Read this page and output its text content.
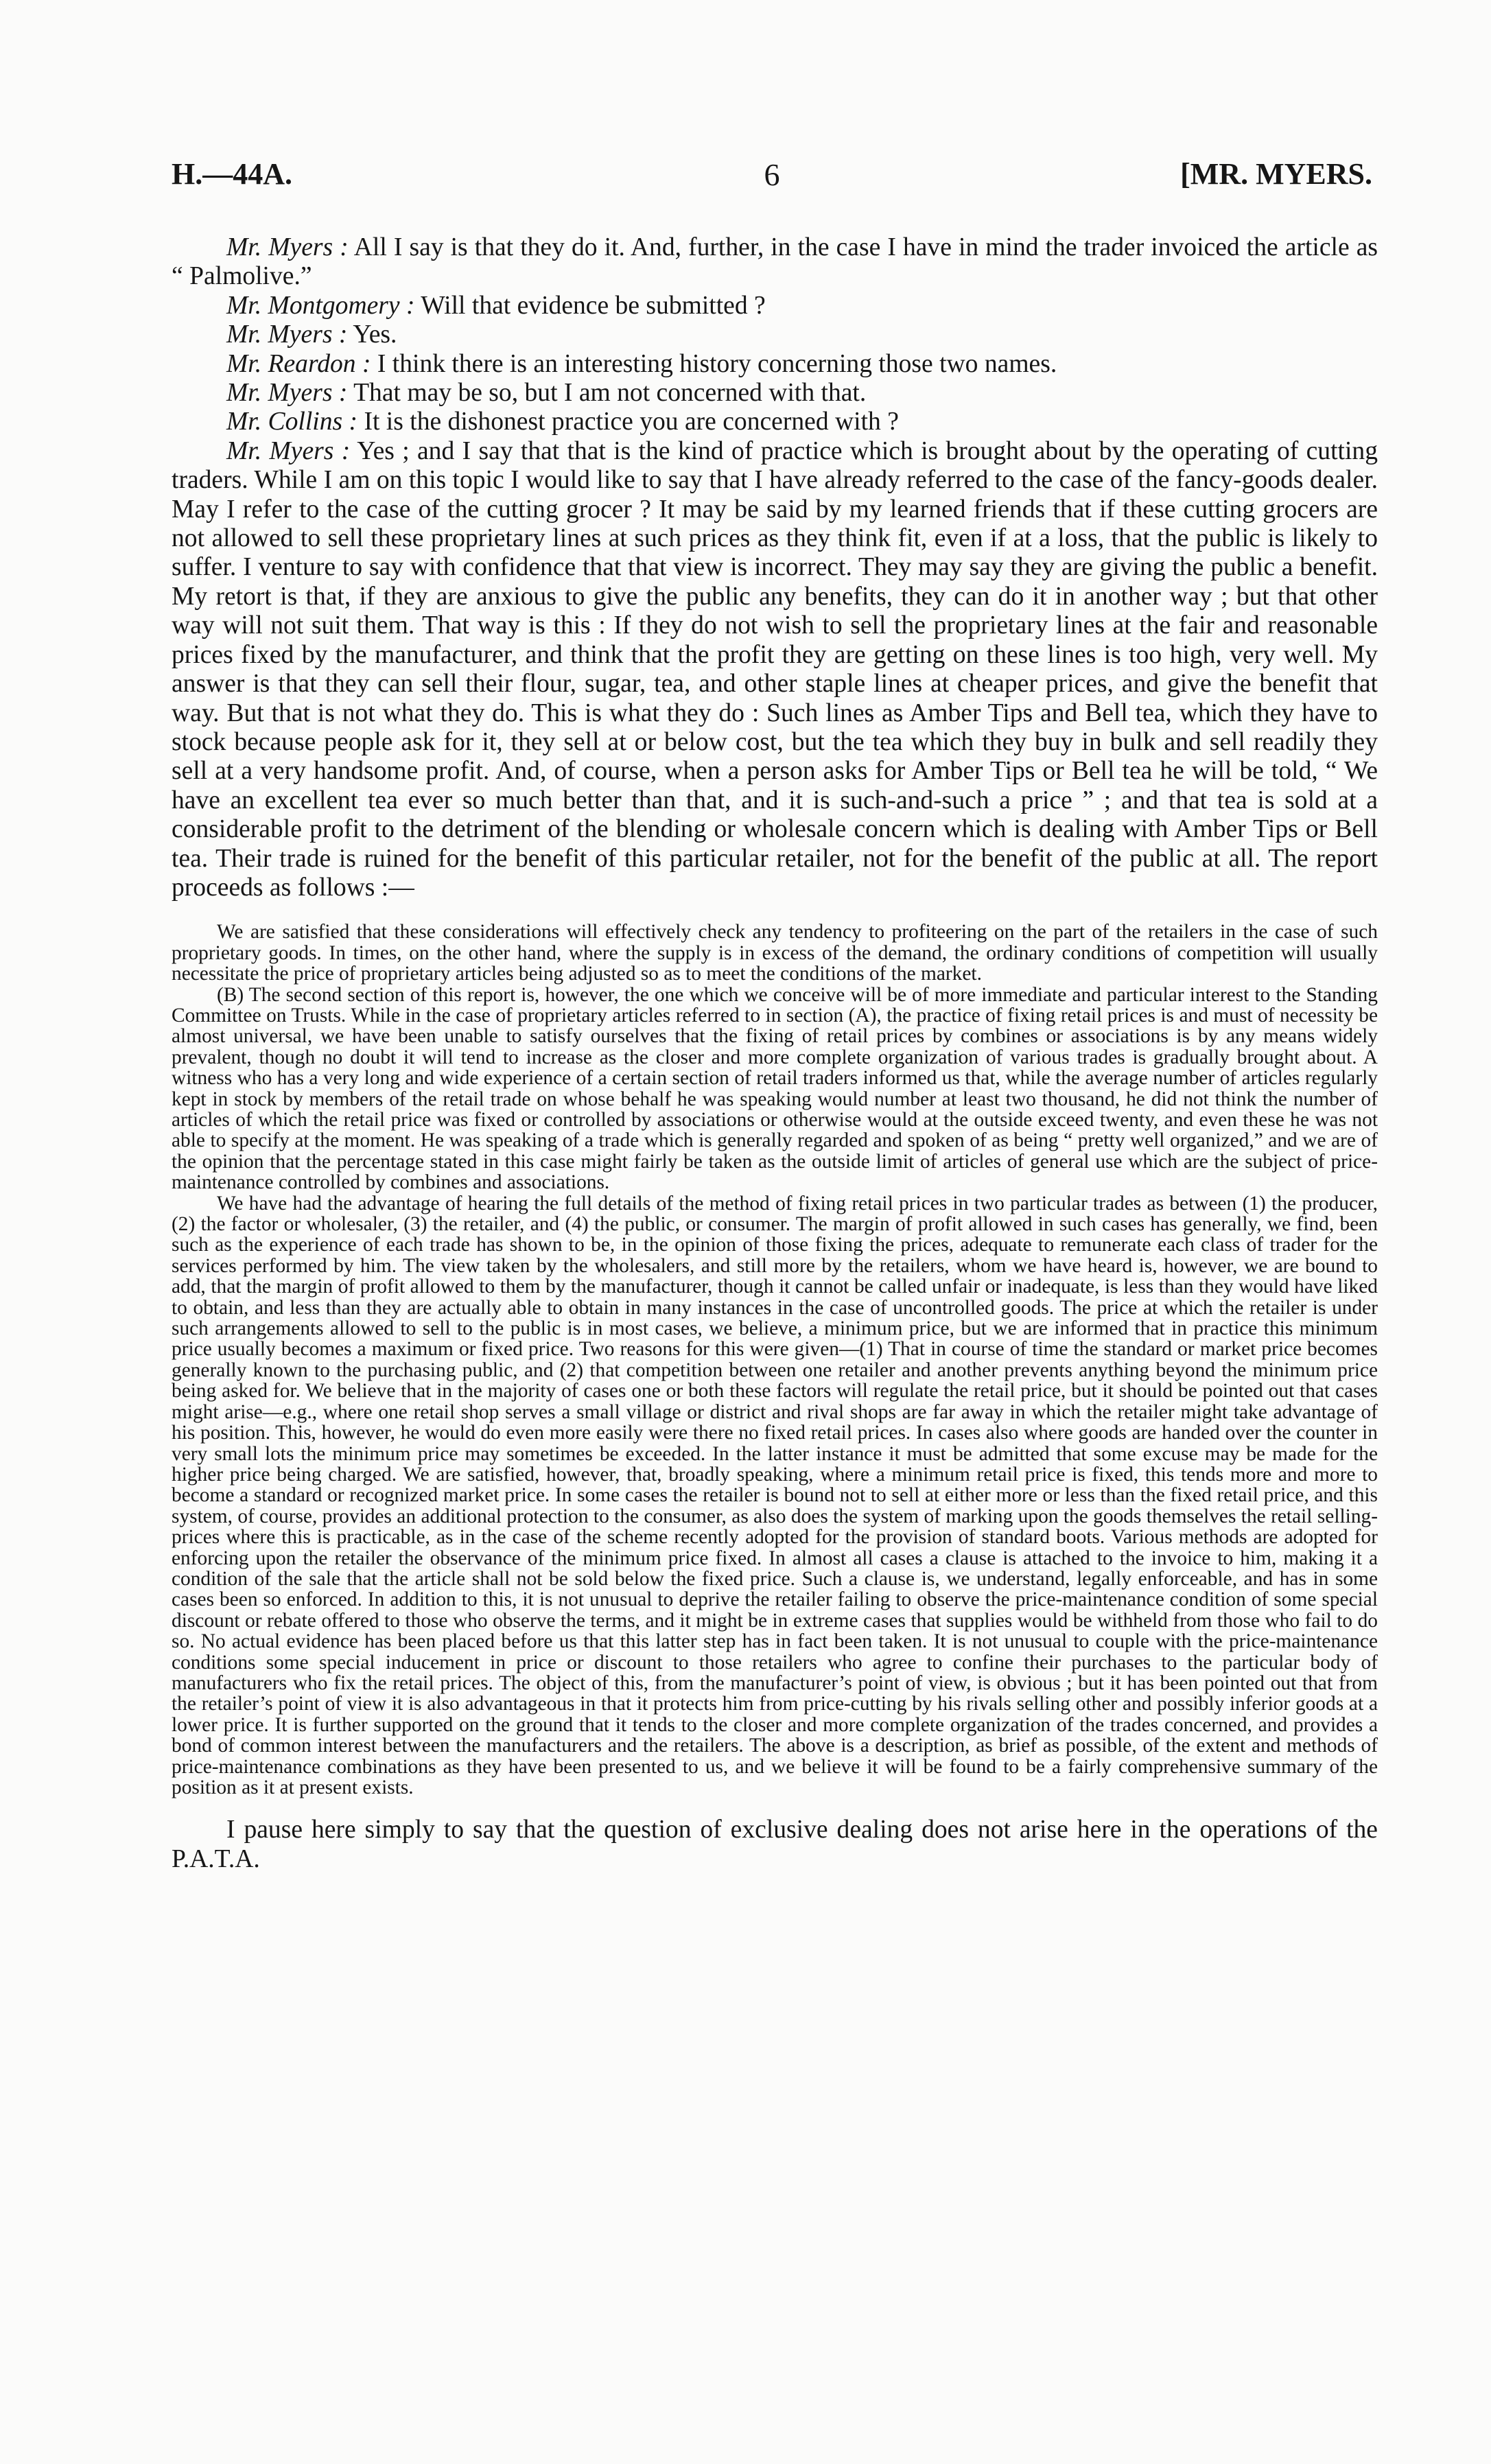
H.—44A.	6	[MR. MYERS.

Mr. Myers : All I say is that they do it. And, further, in the case I have in mind the trader invoiced the article as “ Palmolive.”

Mr. Montgomery : Will that evidence be submitted ?

Mr. Myers : Yes.

Mr. Reardon : I think there is an interesting history concerning those two names.

Mr. Myers : That may be so, but I am not concerned with that.

Mr. Collins : It is the dishonest practice you are concerned with ?

Mr. Myers : Yes ; and I say that that is the kind of practice which is brought about by the operating of cutting traders. While I am on this topic I would like to say that I have already referred to the case of the fancy-goods dealer. May I refer to the case of the cutting grocer ? It may be said by my learned friends that if these cutting grocers are not allowed to sell these proprietary lines at such prices as they think fit, even if at a loss, that the public is likely to suffer. I venture to say with confidence that that view is incorrect. They may say they are giving the public a benefit. My retort is that, if they are anxious to give the public any benefits, they can do it in another way ; but that other way will not suit them. That way is this : If they do not wish to sell the proprietary lines at the fair and reasonable prices fixed by the manufacturer, and think that the profit they are getting on these lines is too high, very well. My answer is that they can sell their flour, sugar, tea, and other staple lines at cheaper prices, and give the benefit that way. But that is not what they do. This is what they do : Such lines as Amber Tips and Bell tea, which they have to stock because people ask for it, they sell at or below cost, but the tea which they buy in bulk and sell readily they sell at a very handsome profit. And, of course, when a person asks for Amber Tips or Bell tea he will be told, “ We have an excellent tea ever so much better than that, and it is such-and-such a price ” ; and that tea is sold at a considerable profit to the detriment of the blending or wholesale concern which is dealing with Amber Tips or Bell tea. Their trade is ruined for the benefit of this particular retailer, not for the benefit of the public at all. The report proceeds as follows :—

We are satisfied that these considerations will effectively check any tendency to profiteering on the part of the retailers in the case of such proprietary goods. In times, on the other hand, where the supply is in excess of the demand, the ordinary conditions of competition will usually necessitate the price of proprietary articles being adjusted so as to meet the conditions of the market.

(B) The second section of this report is, however, the one which we conceive will be of more immediate and particular interest to the Standing Committee on Trusts. While in the case of proprietary articles referred to in section (A), the practice of fixing retail prices is and must of necessity be almost universal, we have been unable to satisfy ourselves that the fixing of retail prices by combines or associations is by any means widely prevalent, though no doubt it will tend to increase as the closer and more complete organization of various trades is gradually brought about. A witness who has a very long and wide experience of a certain section of retail traders informed us that, while the average number of articles regularly kept in stock by members of the retail trade on whose behalf he was speaking would number at least two thousand, he did not think the number of articles of which the retail price was fixed or controlled by associations or otherwise would at the outside exceed twenty, and even these he was not able to specify at the moment. He was speaking of a trade which is generally regarded and spoken of as being “ pretty well organized,” and we are of the opinion that the percentage stated in this case might fairly be taken as the outside limit of articles of general use which are the subject of price-maintenance controlled by combines and associations.

We have had the advantage of hearing the full details of the method of fixing retail prices in two particular trades as between (1) the producer, (2) the factor or wholesaler, (3) the retailer, and (4) the public, or consumer. The margin of profit allowed in such cases has generally, we find, been such as the experience of each trade has shown to be, in the opinion of those fixing the prices, adequate to remunerate each class of trader for the services performed by him. The view taken by the wholesalers, and still more by the retailers, whom we have heard is, however, we are bound to add, that the margin of profit allowed to them by the manufacturer, though it cannot be called unfair or inadequate, is less than they would have liked to obtain, and less than they are actually able to obtain in many instances in the case of uncontrolled goods. The price at which the retailer is under such arrangements allowed to sell to the public is in most cases, we believe, a minimum price, but we are informed that in practice this minimum price usually becomes a maximum or fixed price. Two reasons for this were given—(1) That in course of time the standard or market price becomes generally known to the purchasing public, and (2) that competition between one retailer and another prevents anything beyond the minimum price being asked for. We believe that in the majority of cases one or both these factors will regulate the retail price, but it should be pointed out that cases might arise—e.g., where one retail shop serves a small village or district and rival shops are far away in which the retailer might take advantage of his position. This, however, he would do even more easily were there no fixed retail prices. In cases also where goods are handed over the counter in very small lots the minimum price may sometimes be exceeded. In the latter instance it must be admitted that some excuse may be made for the higher price being charged. We are satisfied, however, that, broadly speaking, where a minimum retail price is fixed, this tends more and more to become a standard or recognized market price. In some cases the retailer is bound not to sell at either more or less than the fixed retail price, and this system, of course, provides an additional protection to the consumer, as also does the system of marking upon the goods themselves the retail selling-prices where this is practicable, as in the case of the scheme recently adopted for the provision of standard boots. Various methods are adopted for enforcing upon the retailer the observance of the minimum price fixed. In almost all cases a clause is attached to the invoice to him, making it a condition of the sale that the article shall not be sold below the fixed price. Such a clause is, we understand, legally enforceable, and has in some cases been so enforced. In addition to this, it is not unusual to deprive the retailer failing to observe the price-maintenance condition of some special discount or rebate offered to those who observe the terms, and it might be in extreme cases that supplies would be withheld from those who fail to do so. No actual evidence has been placed before us that this latter step has in fact been taken. It is not unusual to couple with the price-maintenance conditions some special inducement in price or discount to those retailers who agree to confine their purchases to the particular body of manufacturers who fix the retail prices. The object of this, from the manufacturer’s point of view, is obvious ; but it has been pointed out that from the retailer’s point of view it is also advantageous in that it protects him from price-cutting by his rivals selling other and possibly inferior goods at a lower price. It is further supported on the ground that it tends to the closer and more complete organization of the trades concerned, and provides a bond of common interest between the manufacturers and the retailers. The above is a description, as brief as possible, of the extent and methods of price-maintenance combinations as they have been presented to us, and we believe it will be found to be a fairly comprehensive summary of the position as it at present exists.

I pause here simply to say that the question of exclusive dealing does not arise here in the operations of the P.A.T.A.
